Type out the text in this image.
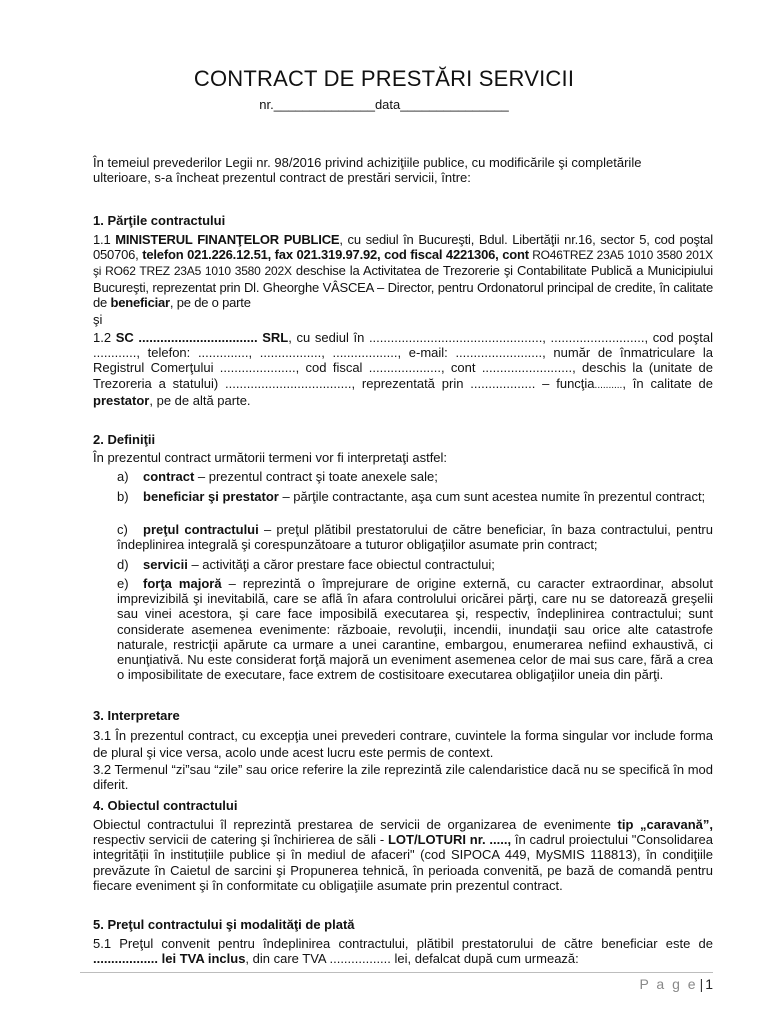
CONTRACT DE PRESTĂRI SERVICII
nr.______________data_______________
În temeiul prevederilor Legii nr. 98/2016 privind achiziţiile publice, cu modificările şi completările
ulterioare, s-a încheat prezentul contract de prestări servicii, între:
1. Părţile contractului
1.1 MINISTERUL FINANŢELOR PUBLICE, cu sediul în Bucureşti, Bdul. Libertăţii nr.16, sector 5, cod poştal 050706, telefon 021.226.12.51, fax 021.319.97.92, cod fiscal 4221306, cont RO46TREZ 23A5 1010 3580 201X şi RO62 TREZ 23A5 1010 3580 202X deschise la Activitatea de Trezorerie şi Contabilitate Publică a Municipiului Bucureşti, reprezentat prin Dl. Gheorghe VÂSCEA – Director, pentru Ordonatorul principal de credite, în calitate de beneficiar, pe de o parte
şi
1.2 SC ................................. SRL, cu sediul în ................................................, .........................., cod poştal ............, telefon: .............., ................., .................., e-mail: ........................, număr de înmatriculare la Registrul Comerţului ....................., cod fiscal ...................., cont ........................., deschis la (unitate de Trezoreria a statului) ..................................., reprezentată prin .................. – funcţia.........., în calitate de prestator, pe de altă parte.
2. Definiţii
În prezentul contract următorii termeni vor fi interpretaţi astfel:
a) contract – prezentul contract şi toate anexele sale;
b) beneficiar şi prestator – părţile contractante, aşa cum sunt acestea numite în prezentul contract;
c) preţul contractului – preţul plătibil prestatorului de către beneficiar, în baza contractului, pentru îndeplinirea integrală şi corespunzătoare a tuturor obligaţiilor asumate prin contract;
d) servicii – activităţi a căror prestare face obiectul contractului;
e) forţa majoră – reprezintă o împrejurare de origine externă, cu caracter extraordinar, absolut imprevizibilă şi inevitabilă, care se află în afara controlului oricărei părţi, care nu se datorează greşelii sau vinei acestora, şi care face imposibilă executarea şi, respectiv, îndeplinirea contractului; sunt considerate asemenea evenimente: războaie, revoluţii, incendii, inundaţii sau orice alte catastrofe naturale, restricţii apărute ca urmare a unei carantine, embargou, enumerarea nefiind exhaustivă, ci enunţiativă. Nu este considerat forţă majoră un eveniment asemenea celor de mai sus care, fără a crea o imposibilitate de executare, face extrem de costisitoare executarea obligaţiilor uneia din părţi.
3. Interpretare
3.1 În prezentul contract, cu excepţia unei prevederi contrare, cuvintele la forma singular vor include forma de plural şi vice versa, acolo unde acest lucru este permis de context.
3.2 Termenul “zi”sau “zile” sau orice referire la zile reprezintă zile calendaristice dacă nu se specifică în mod diferit.
4. Obiectul contractului
Obiectul contractului îl reprezintă prestarea de servicii de organizarea de evenimente tip „caravană”, respectiv servicii de catering şi închirierea de săli - LOT/LOTURI nr. ....., în cadrul proiectului "Consolidarea integrității în instituțiile publice și în mediul de afaceri" (cod SIPOCA 449, MySMIS 118813), în condiţiile prevăzute în Caietul de sarcini şi Propunerea tehnică, în perioada convenită, pe bază de comandă pentru fiecare eveniment şi în conformitate cu obligaţiile asumate prin prezentul contract.
5. Preţul contractului şi modalităţi de plată
5.1 Preţul convenit pentru îndeplinirea contractului, plătibil prestatorului de către beneficiar este de .................. lei TVA inclus, din care TVA ................. lei, defalcat după cum urmează:
P a g e | 1
